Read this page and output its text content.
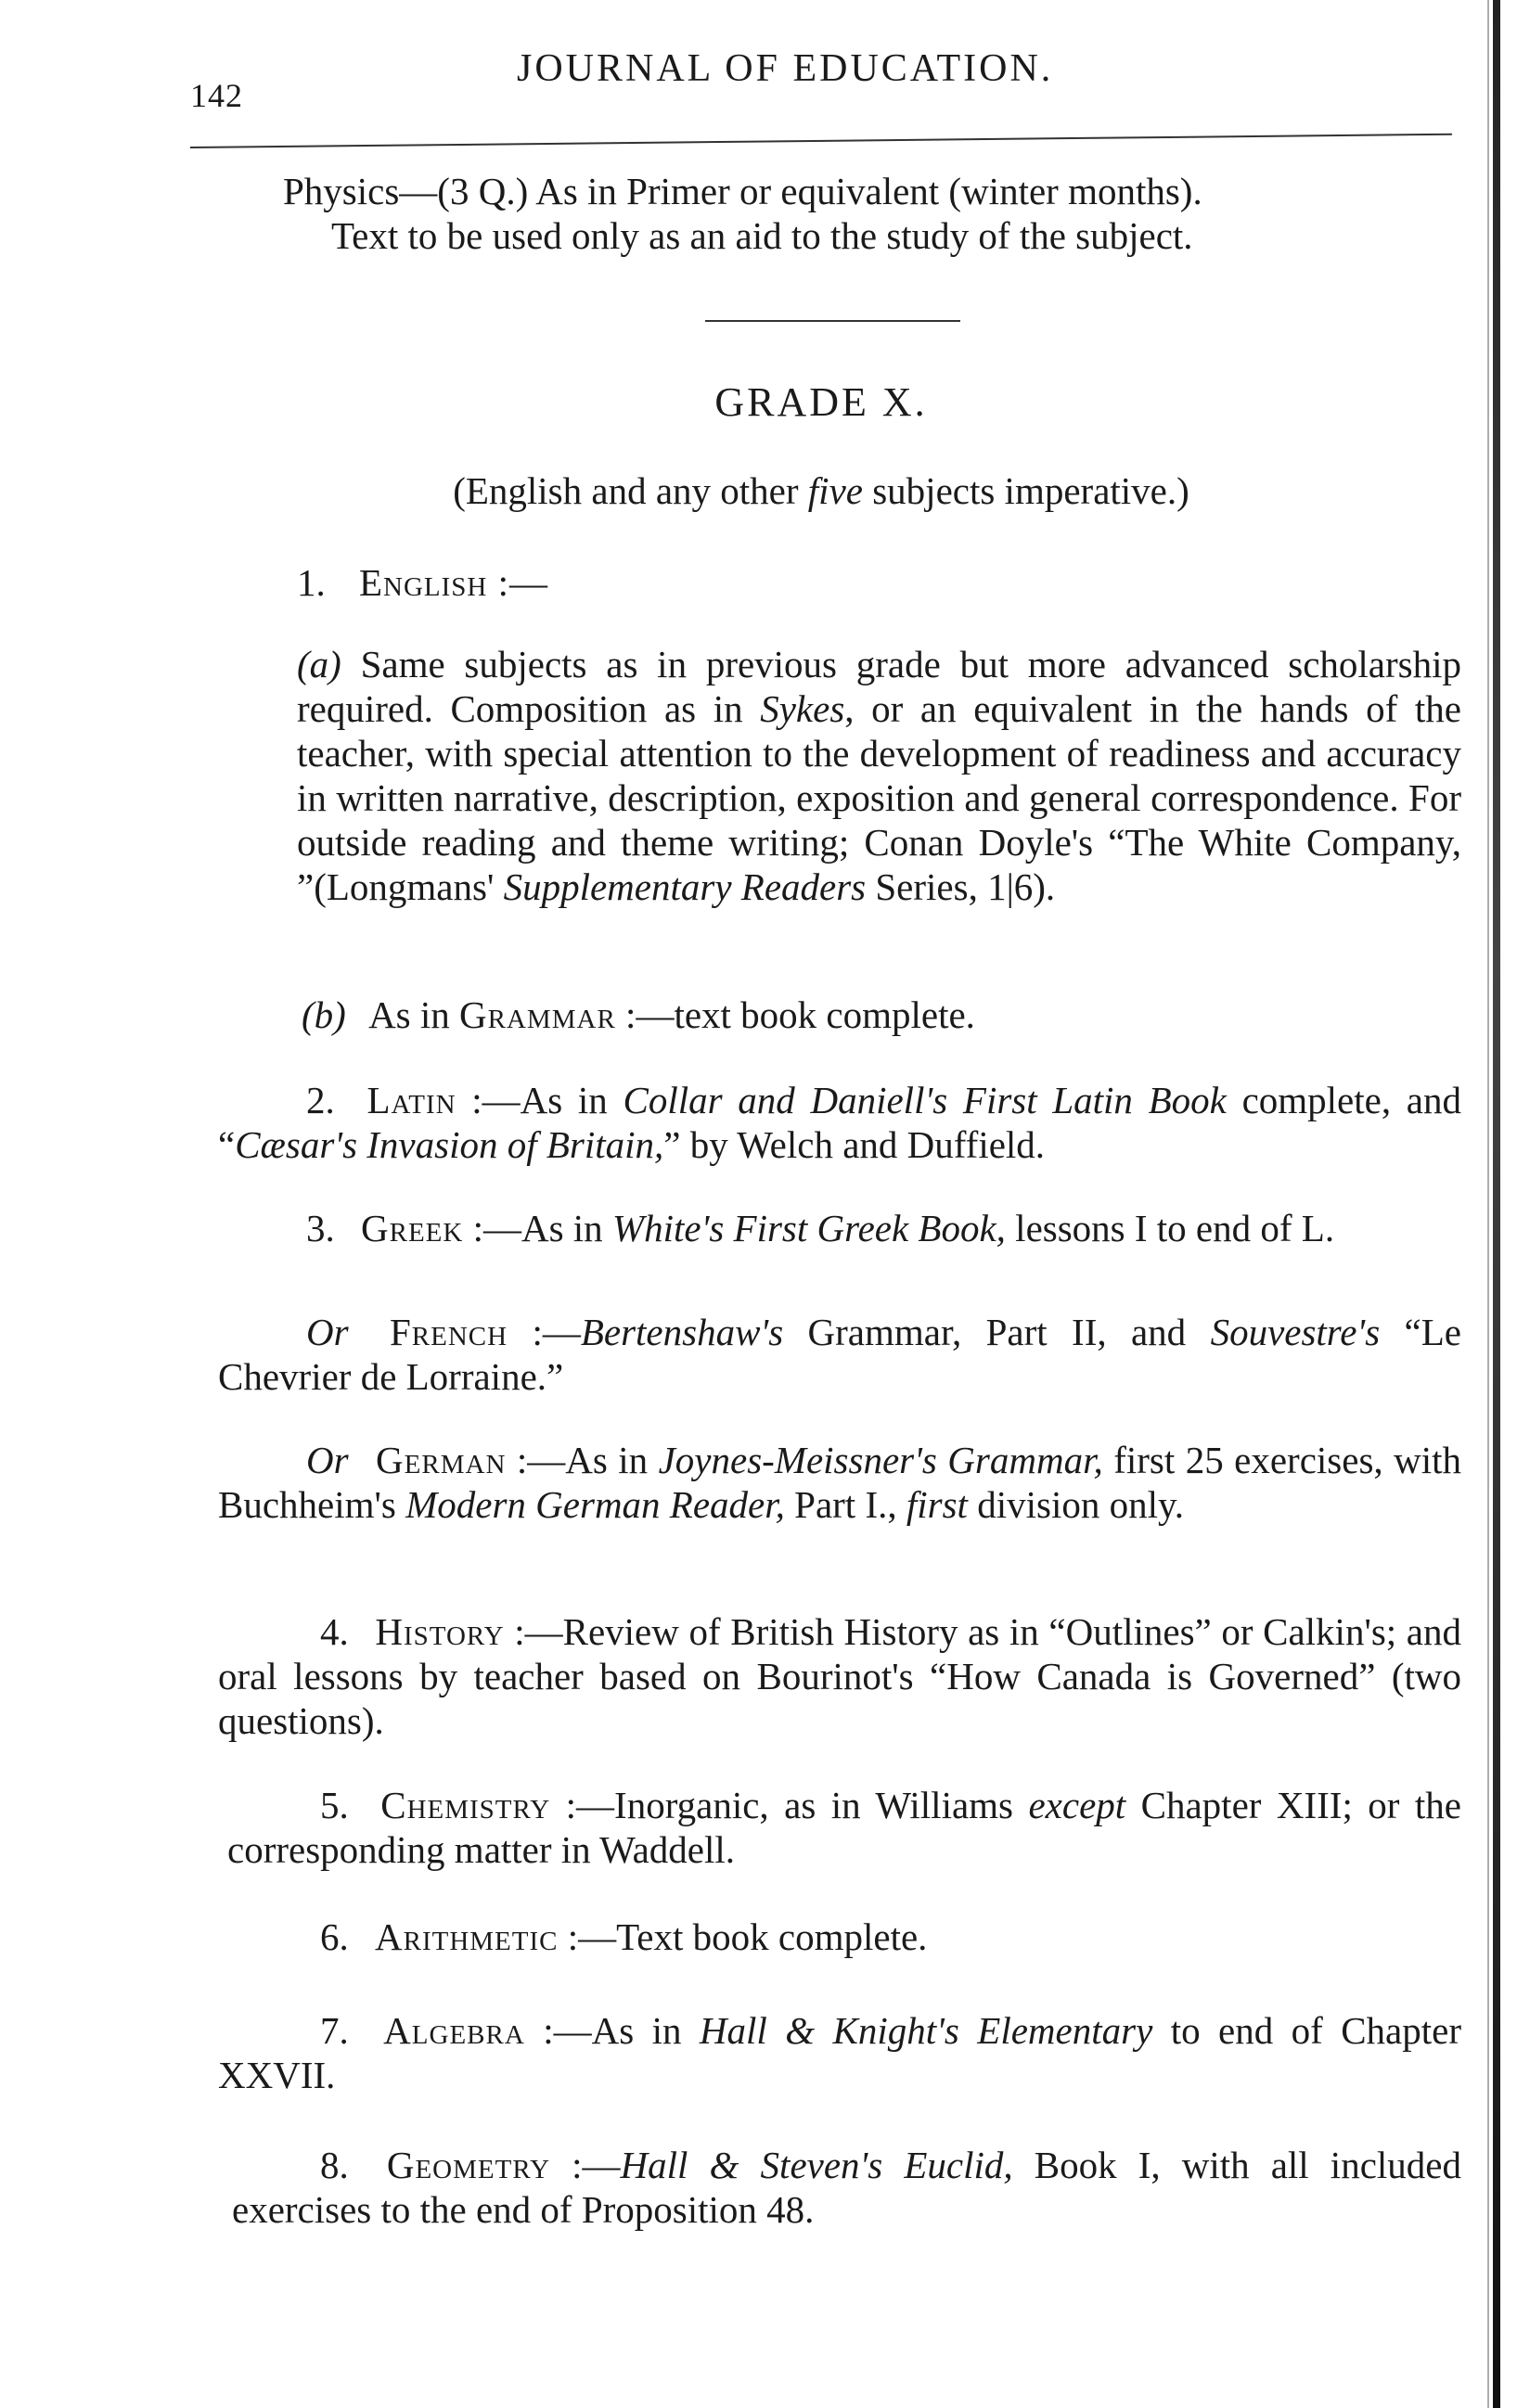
142
JOURNAL OF EDUCATION.
Physics—(3 Q.) As in Primer or equivalent (winter months).
Text to be used only as an aid to the study of the subject.
GRADE X.
(English and any other five subjects imperative.)
1. English :—
(a) Same subjects as in previous grade but more advanced scholarship required. Composition as in Sykes, or an equivalent in the hands of the teacher, with special attention to the development of readiness and accuracy in written narrative, description, exposition and general correspondence. For outside reading and theme writing; Conan Doyle's “The White Company, ”(Longmans' Supplementary Readers Series, 1|6).
(b) As in Grammar :—text book complete.
2. Latin :—As in Collar and Daniell's First Latin Book complete, and “Cæsar's Invasion of Britain,” by Welch and Duffield.
3. Greek :—As in White's First Greek Book, lessons I to end of L.
Or French :—Bertenshaw's Grammar, Part II, and Souvestre's “Le Chevrier de Lorraine.”
Or German :—As in Joynes-Meissner's Grammar, first 25 exercises, with Buchheim's Modern German Reader, Part I., first division only.
4. History :—Review of British History as in “Outlines” or Calkin's; and oral lessons by teacher based on Bourinot's “How Canada is Governed” (two questions).
5. Chemistry :—Inorganic, as in Williams except Chapter XIII; or the corresponding matter in Waddell.
6. Arithmetic :—Text book complete.
7. Algebra :—As in Hall & Knight's Elementary to end of Chapter XXVII.
8. Geometry :—Hall & Steven's Euclid, Book I, with all included exercises to the end of Proposition 48.
